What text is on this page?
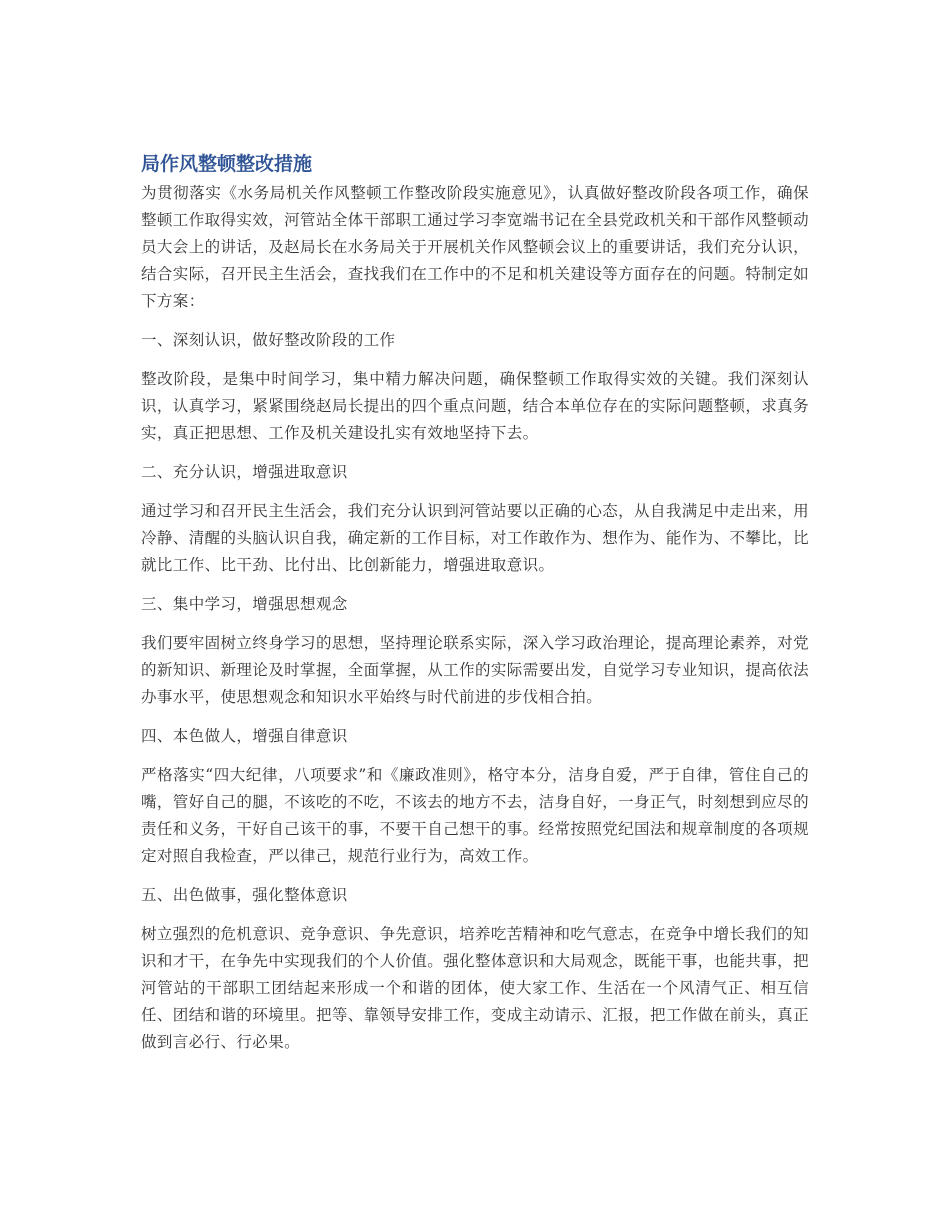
局作风整顿整改措施

为贯彻落实《水务局机关作风整顿工作整改阶段实施意见》，认真做好整改阶段各项工作，确保整顿工作取得实效，河管站全体干部职工通过学习李宽端书记在全县党政机关和干部作风整顿动员大会上的讲话，及赵局长在水务局关于开展机关作风整顿会议上的重要讲话，我们充分认识，结合实际，召开民主生活会，查找我们在工作中的不足和机关建设等方面存在的问题。特制定如下方案：

一、深刻认识，做好整改阶段的工作

整改阶段，是集中时间学习，集中精力解决问题，确保整顿工作取得实效的关键。我们深刻认识，认真学习，紧紧围绕赵局长提出的四个重点问题，结合本单位存在的实际问题整顿，求真务实，真正把思想、工作及机关建设扎实有效地坚持下去。

二、充分认识，增强进取意识

通过学习和召开民主生活会，我们充分认识到河管站要以正确的心态，从自我满足中走出来，用冷静、清醒的头脑认识自我，确定新的工作目标，对工作敢作为、想作为、能作为、不攀比，比就比工作、比干劲、比付出、比创新能力，增强进取意识。

三、集中学习，增强思想观念

我们要牢固树立终身学习的思想，坚持理论联系实际，深入学习政治理论，提高理论素养，对党的新知识、新理论及时掌握，全面掌握，从工作的实际需要出发，自觉学习专业知识，提高依法办事水平，使思想观念和知识水平始终与时代前进的步伐相合拍。

四、本色做人，增强自律意识

严格落实“四大纪律，八项要求”和《廉政准则》，格守本分，洁身自爱，严于自律，管住自己的嘴，管好自己的腿，不该吃的不吃，不该去的地方不去，洁身自好，一身正气，时刻想到应尽的责任和义务，干好自己该干的事，不要干自己想干的事。经常按照党纪国法和规章制度的各项规定对照自我检查，严以律己，规范行业行为，高效工作。

五、出色做事，强化整体意识

树立强烈的危机意识、竞争意识、争先意识，培养吃苦精神和吃气意志，在竞争中增长我们的知识和才干，在争先中实现我们的个人价值。强化整体意识和大局观念，既能干事，也能共事，把河管站的干部职工团结起来形成一个和谐的团体，使大家工作、生活在一个风清气正、相互信任、团结和谐的环境里。把等、靠领导安排工作，变成主动请示、汇报，把工作做在前头，真正做到言必行、行必果。
